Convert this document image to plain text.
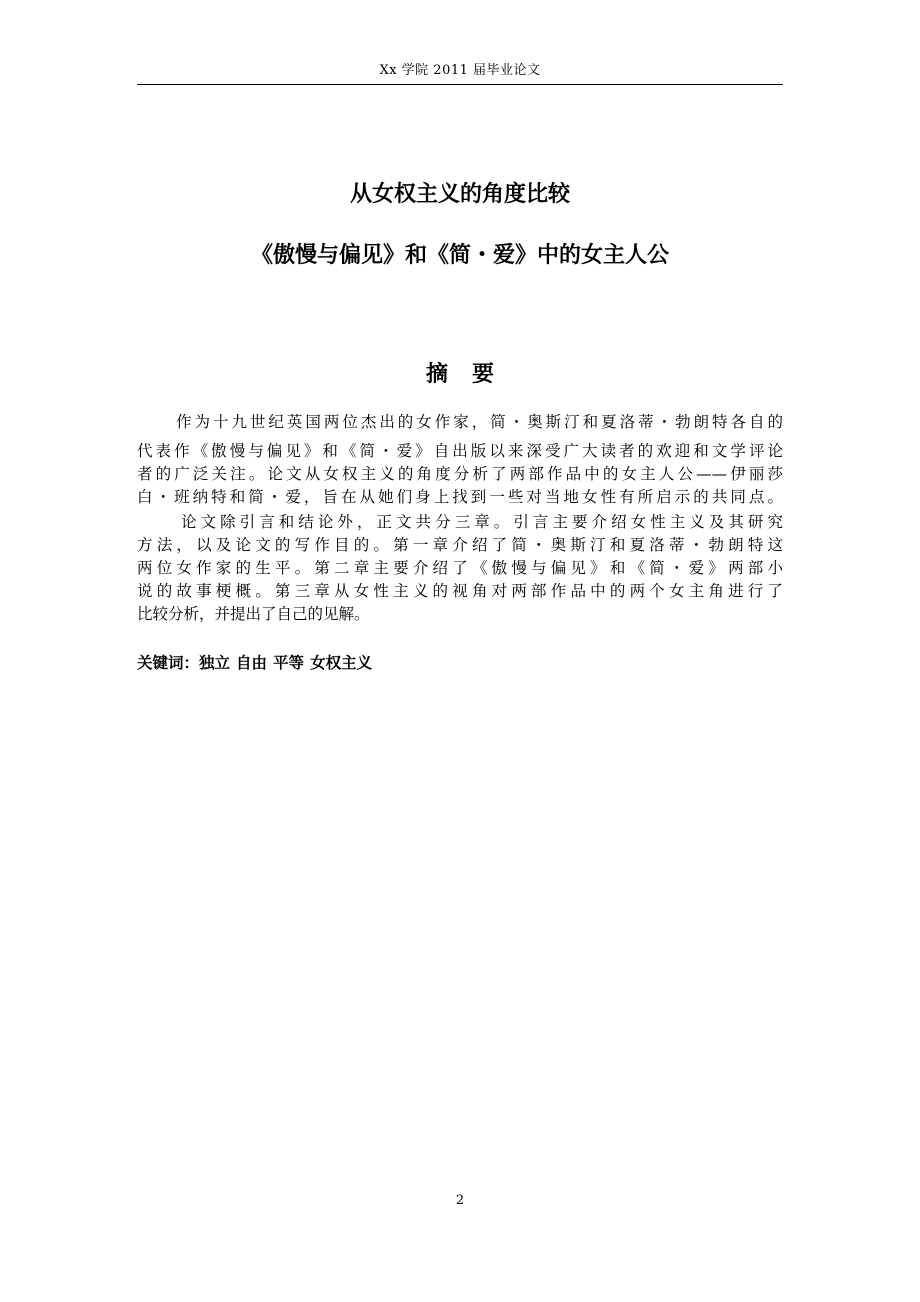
Xx 学院 2011 届毕业论文
从女权主义的角度比较
《傲慢与偏见》和《简・爱》中的女主人公
摘要
作为十九世纪英国两位杰出的女作家，简・奥斯汀和夏洛蒂・勃朗特各自的
代表作《傲慢与偏见》和《简・爱》自出版以来深受广大读者的欢迎和文学评论
者的广泛关注。论文从女权主义的角度分析了两部作品中的女主人公——伊丽莎
白・班纳特和简・爱，旨在从她们身上找到一些对当地女性有所启示的共同点。
论文除引言和结论外，正文共分三章。引言主要介绍女性主义及其研究
方法，以及论文的写作目的。第一章介绍了简・奥斯汀和夏洛蒂・勃朗特这
两位女作家的生平。第二章主要介绍了《傲慢与偏见》和《简・爱》两部小
说的故事梗概。第三章从女性主义的视角对两部作品中的两个女主角进行了
比较分析，并提出了自己的见解。
关键词：独立 自由 平等 女权主义
2
